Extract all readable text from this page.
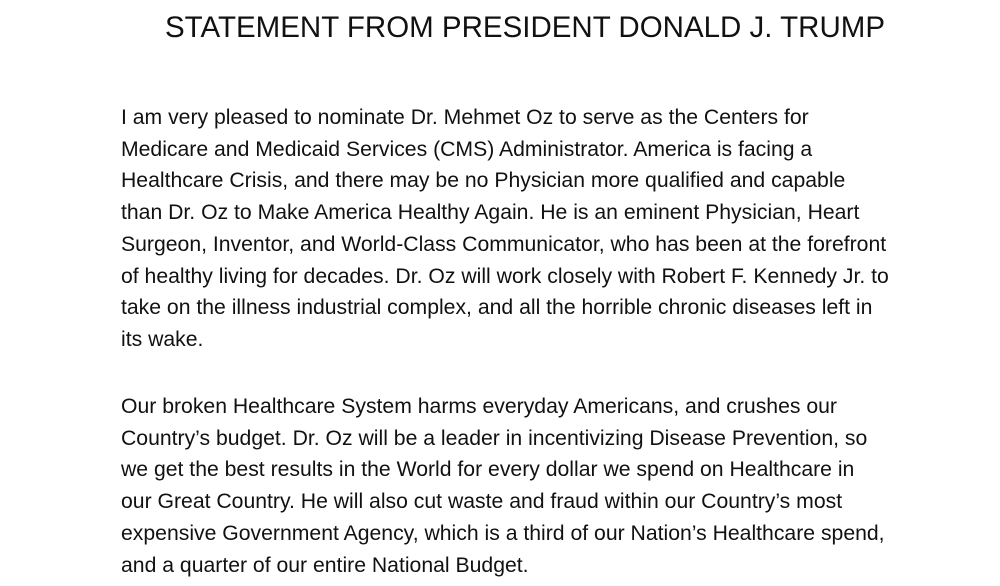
STATEMENT FROM PRESIDENT DONALD J. TRUMP

I am very pleased to nominate Dr. Mehmet Oz to serve as the Centers for
Medicare and Medicaid Services (CMS) Administrator. America is facing a
Healthcare Crisis, and there may be no Physician more qualified and capable
than Dr. Oz to Make America Healthy Again. He is an eminent Physician, Heart
Surgeon, Inventor, and World-Class Communicator, who has been at the forefront
of healthy living for decades. Dr. Oz will work closely with Robert F. Kennedy Jr. to
take on the illness industrial complex, and all the horrible chronic diseases left in
its wake.

Our broken Healthcare System harms everyday Americans, and crushes our
Country’s budget. Dr. Oz will be a leader in incentivizing Disease Prevention, so
we get the best results in the World for every dollar we spend on Healthcare in
our Great Country. He will also cut waste and fraud within our Country’s most
expensive Government Agency, which is a third of our Nation’s Healthcare spend,
and a quarter of our entire National Budget.
